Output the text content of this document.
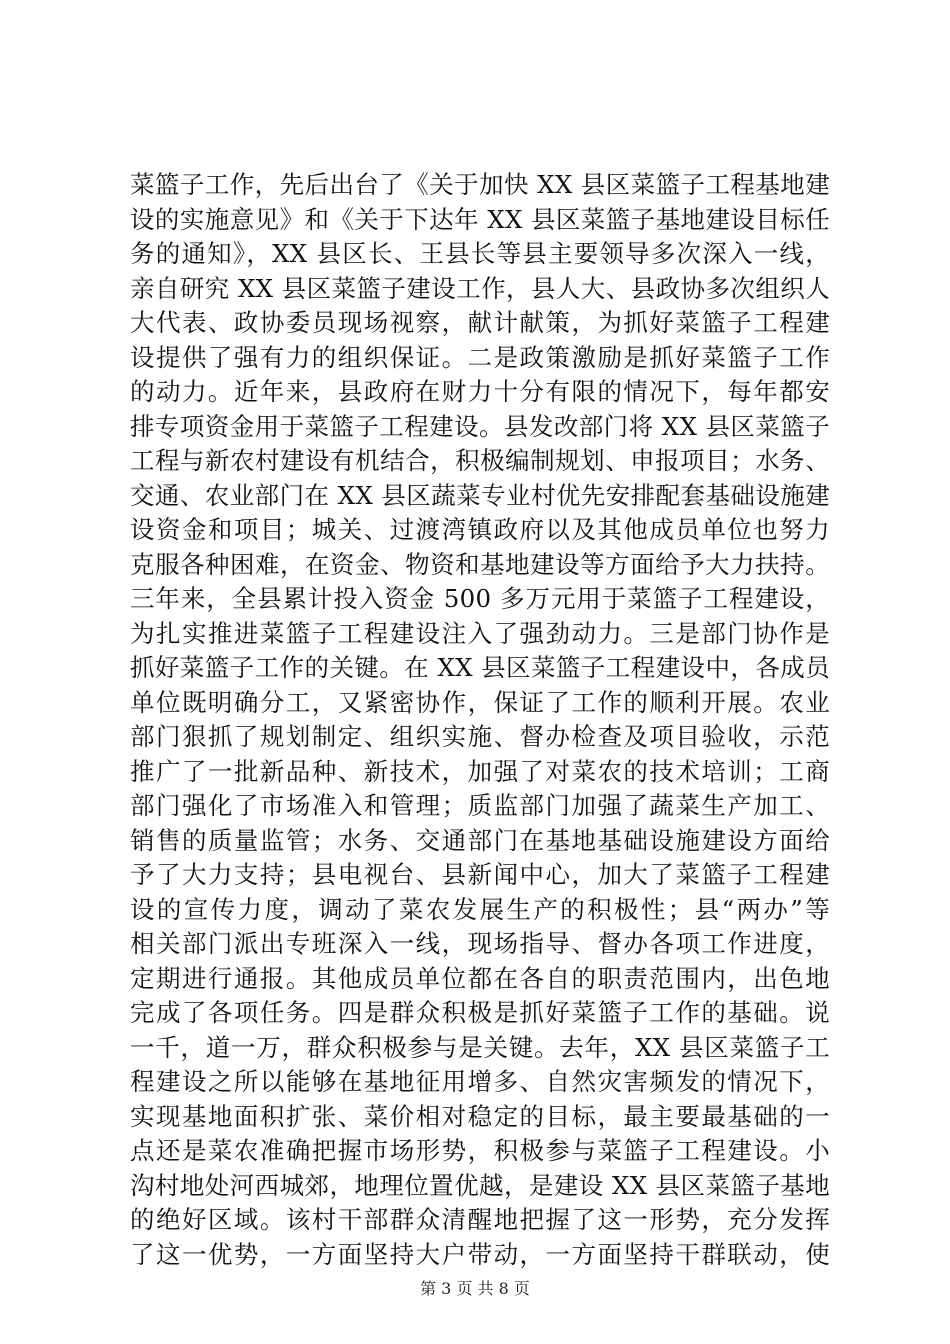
菜篮子工作，先后出台了《关于加快 XX 县区菜篮子工程基地建
设的实施意见》和《关于下达年 XX 县区菜篮子基地建设目标任
务的通知》，XX 县区长、王县长等县主要领导多次深入一线，
亲自研究 XX 县区菜篮子建设工作，县人大、县政协多次组织人
大代表、政协委员现场视察，献计献策，为抓好菜篮子工程建
设提供了强有力的组织保证。二是政策激励是抓好菜篮子工作
的动力。近年来，县政府在财力十分有限的情况下，每年都安
排专项资金用于菜篮子工程建设。县发改部门将 XX 县区菜篮子
工程与新农村建设有机结合，积极编制规划、申报项目；水务、
交通、农业部门在 XX 县区蔬菜专业村优先安排配套基础设施建
设资金和项目；城关、过渡湾镇政府以及其他成员单位也努力
克服各种困难，在资金、物资和基地建设等方面给予大力扶持。
三年来，全县累计投入资金 500 多万元用于菜篮子工程建设，
为扎实推进菜篮子工程建设注入了强劲动力。三是部门协作是
抓好菜篮子工作的关键。在 XX 县区菜篮子工程建设中，各成员
单位既明确分工，又紧密协作，保证了工作的顺利开展。农业
部门狠抓了规划制定、组织实施、督办检查及项目验收，示范
推广了一批新品种、新技术，加强了对菜农的技术培训；工商
部门强化了市场准入和管理；质监部门加强了蔬菜生产加工、
销售的质量监管；水务、交通部门在基地基础设施建设方面给
予了大力支持；县电视台、县新闻中心，加大了菜篮子工程建
设的宣传力度，调动了菜农发展生产的积极性；县“两办”等
相关部门派出专班深入一线，现场指导、督办各项工作进度，
定期进行通报。其他成员单位都在各自的职责范围内，出色地
完成了各项任务。四是群众积极是抓好菜篮子工作的基础。说
一千，道一万，群众积极参与是关键。去年，XX 县区菜篮子工
程建设之所以能够在基地征用增多、自然灾害频发的情况下，
实现基地面积扩张、菜价相对稳定的目标，最主要最基础的一
点还是菜农准确把握市场形势，积极参与菜篮子工程建设。小
沟村地处河西城郊，地理位置优越，是建设 XX 县区菜篮子基地
的绝好区域。该村干部群众清醒地把握了这一形势，充分发挥
了这一优势，一方面坚持大户带动，一方面坚持干群联动，使
第 3 页 共 8 页
